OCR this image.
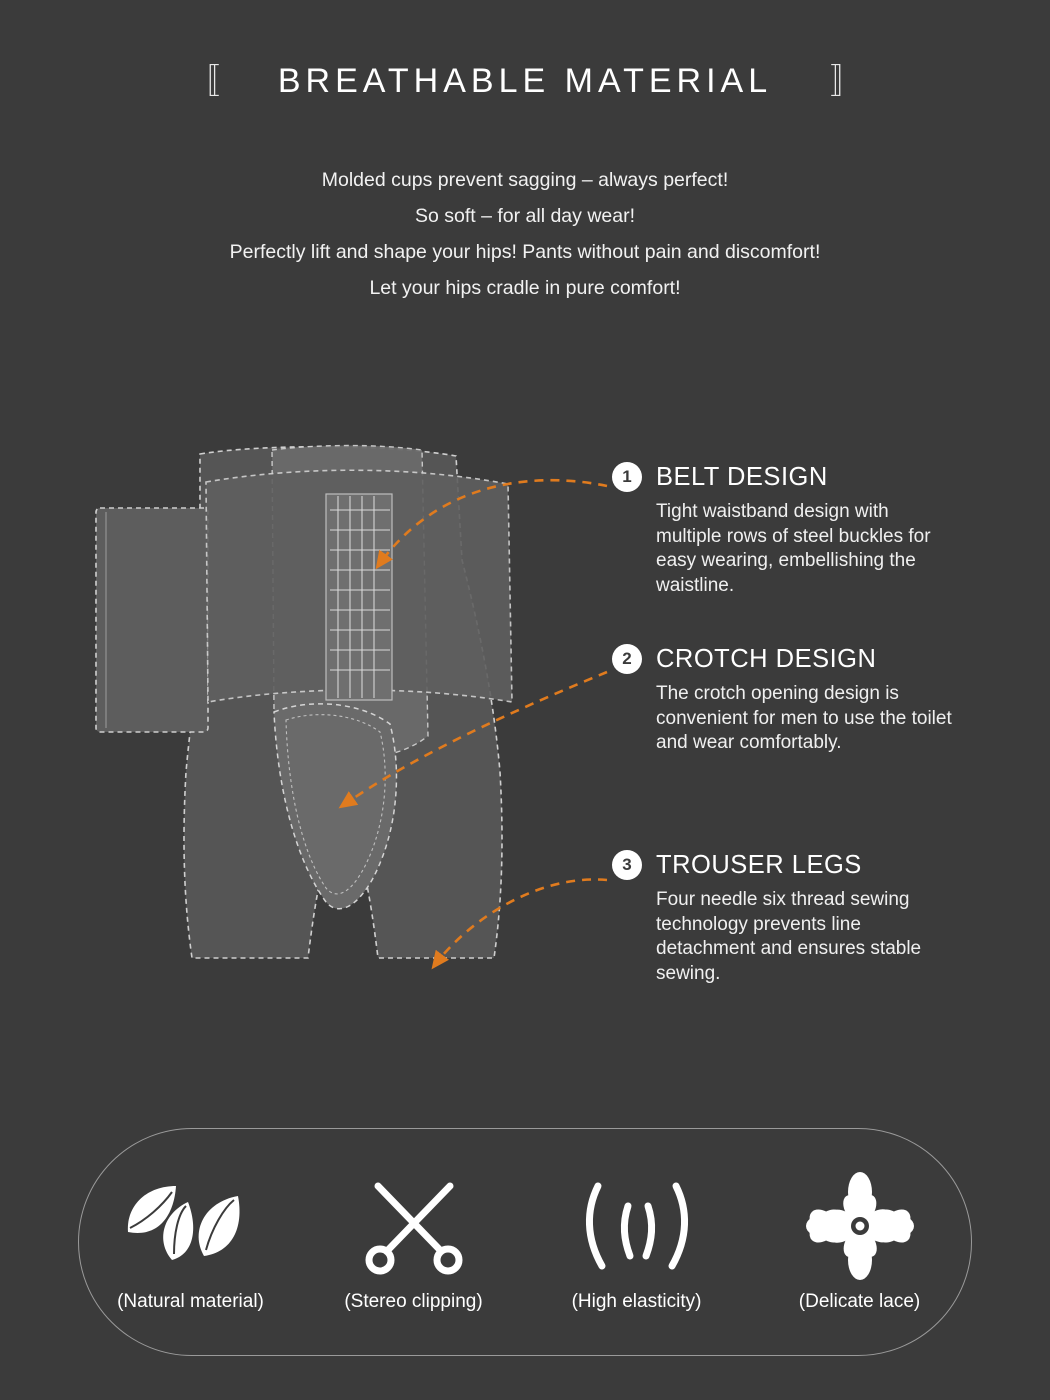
〚 BREATHABLE MATERIAL 〛
Molded cups prevent sagging – always perfect!
So soft – for all day wear!
Perfectly lift and shape your hips! Pants without pain and discomfort!
Let your hips cradle in pure comfort!
1 BELT DESIGN
Tight waistband design with multiple rows of steel buckles for easy wearing, embellishing the waistline.
2 CROTCH DESIGN
The crotch opening design is convenient for men to use the toilet and wear comfortably.
3 TROUSER LEGS
Four needle six thread sewing technology prevents line detachment and ensures stable sewing.
(Natural material)	(Stereo clipping)	(High elasticity)	(Delicate lace)
